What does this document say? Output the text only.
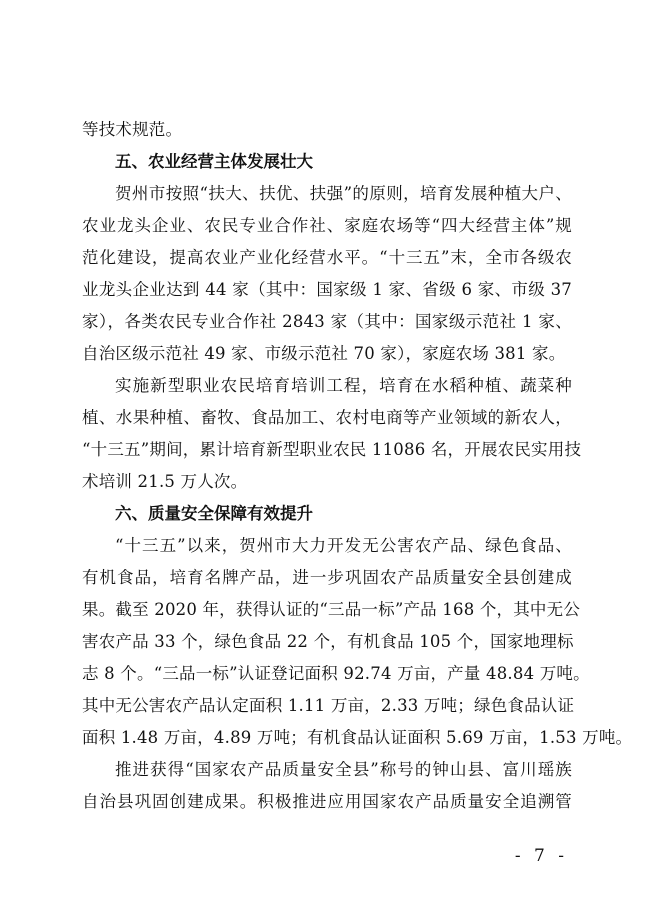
等技术规范。
五、农业经营主体发展壮大
贺州市按照“扶大、扶优、扶强”的原则，培育发展种植大户、
农业龙头企业、农民专业合作社、家庭农场等“四大经营主体”规
范化建设，提高农业产业化经营水平。“十三五”末，全市各级农
业龙头企业达到 44 家（其中：国家级 1 家、省级 6 家、市级 37
家），各类农民专业合作社 2843 家（其中：国家级示范社 1 家、
自治区级示范社 49 家、市级示范社 70 家），家庭农场 381 家。
实施新型职业农民培育培训工程，培育在水稻种植、蔬菜种
植、水果种植、畜牧、食品加工、农村电商等产业领域的新农人，
“十三五”期间，累计培育新型职业农民 11086 名，开展农民实用技
术培训 21.5 万人次。
六、质量安全保障有效提升
“十三五”以来，贺州市大力开发无公害农产品、绿色食品、
有机食品，培育名牌产品，进一步巩固农产品质量安全县创建成
果。截至 2020 年，获得认证的“三品一标”产品 168 个，其中无公
害农产品 33 个，绿色食品 22 个，有机食品 105 个，国家地理标
志 8 个。“三品一标”认证登记面积 92.74 万亩，产量 48.84 万吨。
其中无公害农产品认定面积 1.11 万亩，2.33 万吨；绿色食品认证
面积 1.48 万亩，4.89 万吨；有机食品认证面积 5.69 万亩，1.53 万吨。
推进获得“国家农产品质量安全县”称号的钟山县、富川瑶族
自治县巩固创建成果。积极推进应用国家农产品质量安全追溯管
- 7 -
